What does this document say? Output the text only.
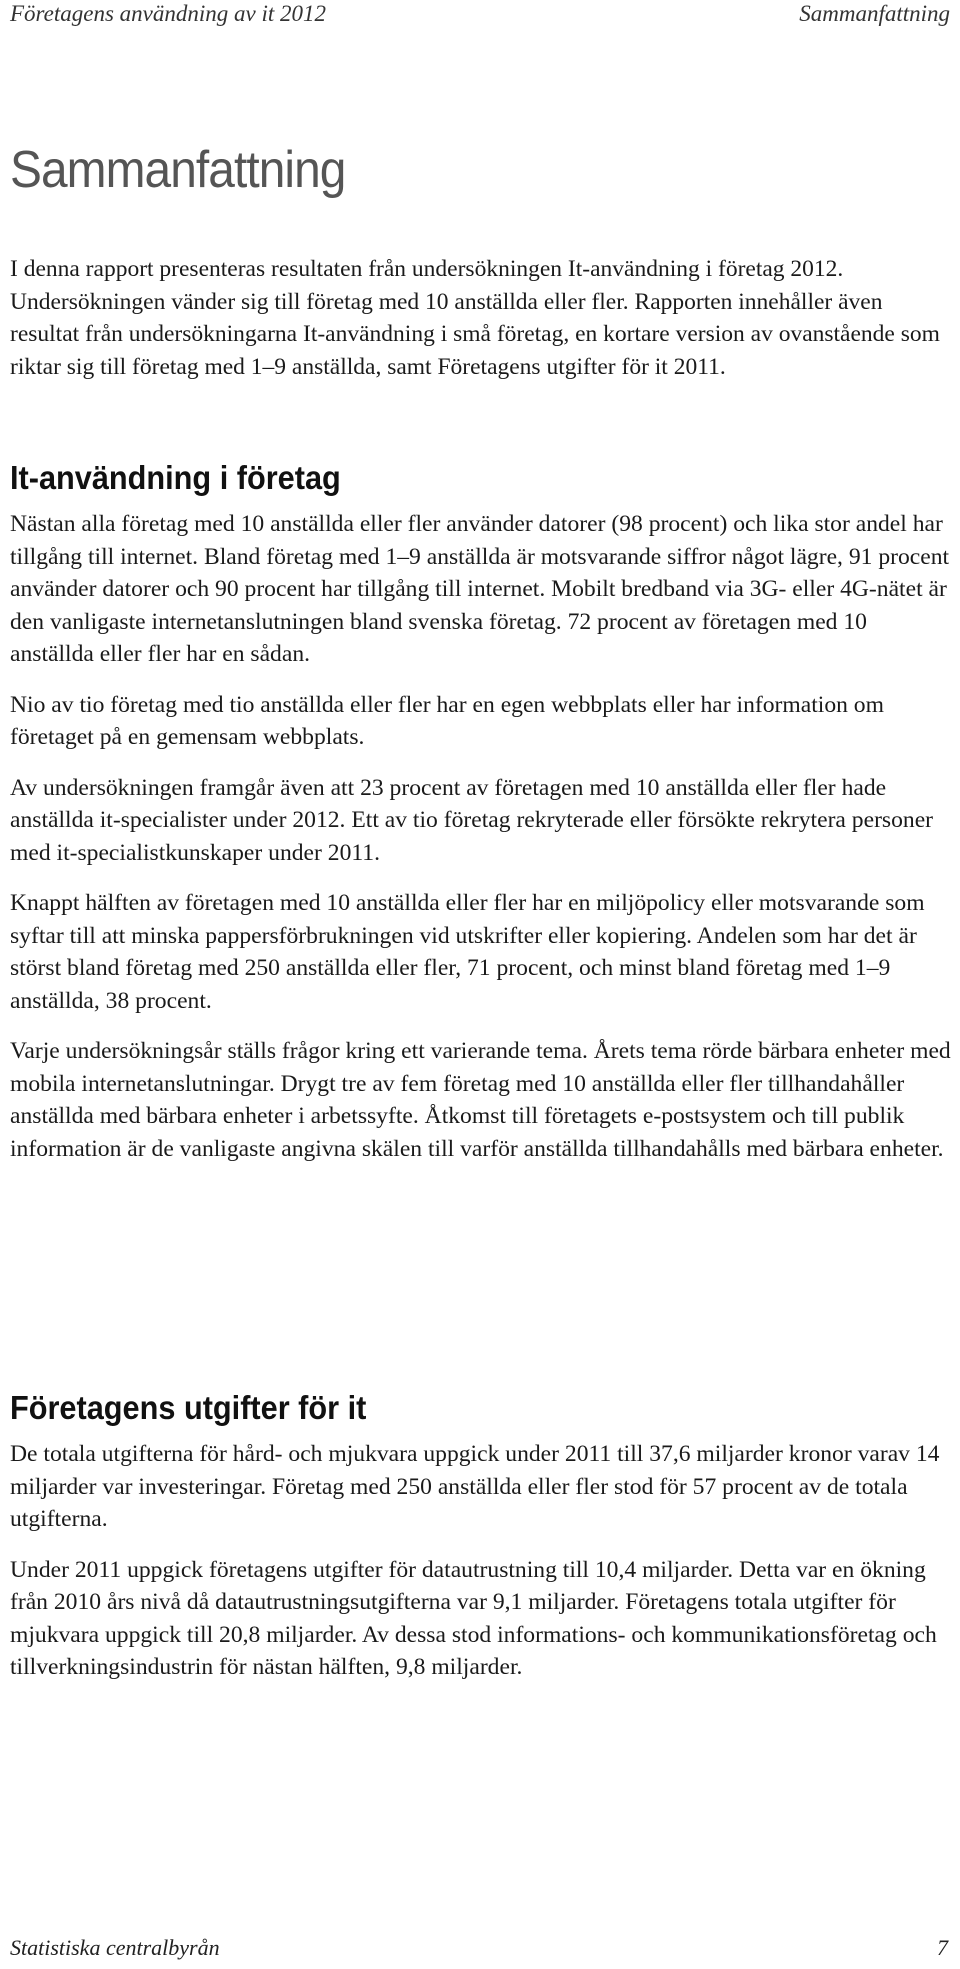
Företagens användning av it 2012	Sammanfattning
Sammanfattning

I denna rapport presenteras resultaten från undersökningen It-användning i företag 2012. Undersökningen vänder sig till företag med 10 anställda eller fler. Rapporten innehåller även resultat från undersökningarna It-användning i små företag, en kortare version av ovanstående som riktar sig till företag med 1–9 anställda, samt Företagens utgifter för it 2011.

It-användning i företag

Nästan alla företag med 10 anställda eller fler använder datorer (98 procent) och lika stor andel har tillgång till internet. Bland företag med 1–9 anställda är motsvarande siffror något lägre, 91 procent använder datorer och 90 procent har tillgång till internet. Mobilt bredband via 3G- eller 4G-nätet är den vanligaste internetanslutningen bland svenska företag. 72 procent av företagen med 10 anställda eller fler har en sådan.

Nio av tio företag med tio anställda eller fler har en egen webbplats eller har information om företaget på en gemensam webbplats.

Av undersökningen framgår även att 23 procent av företagen med 10 anställda eller fler hade anställda it-specialister under 2012. Ett av tio företag rekryterade eller försökte rekrytera personer med it-specialistkunskaper under 2011.

Knappt hälften av företagen med 10 anställda eller fler har en miljöpolicy eller motsvarande som syftar till att minska pappersförbrukningen vid utskrifter eller kopiering. Andelen som har det är störst bland företag med 250 anställda eller fler, 71 procent, och minst bland företag med 1–9 anställda, 38 procent.

Varje undersökningsår ställs frågor kring ett varierande tema. Årets tema rörde bärbara enheter med mobila internetanslutningar. Drygt tre av fem företag med 10 anställda eller fler tillhandahåller anställda med bärbara enheter i arbetssyfte. Åtkomst till företagets e-postsystem och till publik information är de vanligaste angivna skälen till varför anställda tillhandahålls med bärbara enheter.

Företagens utgifter för it

De totala utgifterna för hård- och mjukvara uppgick under 2011 till 37,6 miljarder kronor varav 14 miljarder var investeringar. Företag med 250 anställda eller fler stod för 57 procent av de totala utgifterna.

Under 2011 uppgick företagens utgifter för datautrustning till 10,4 miljarder. Detta var en ökning från 2010 års nivå då datautrustningsutgifterna var 9,1 miljarder. Företagens totala utgifter för mjukvara uppgick till 20,8 miljarder. Av dessa stod informations- och kommunikationsföretag och tillverkningsindustrin för nästan hälften, 9,8 miljarder.

Statistiska centralbyrån	7
